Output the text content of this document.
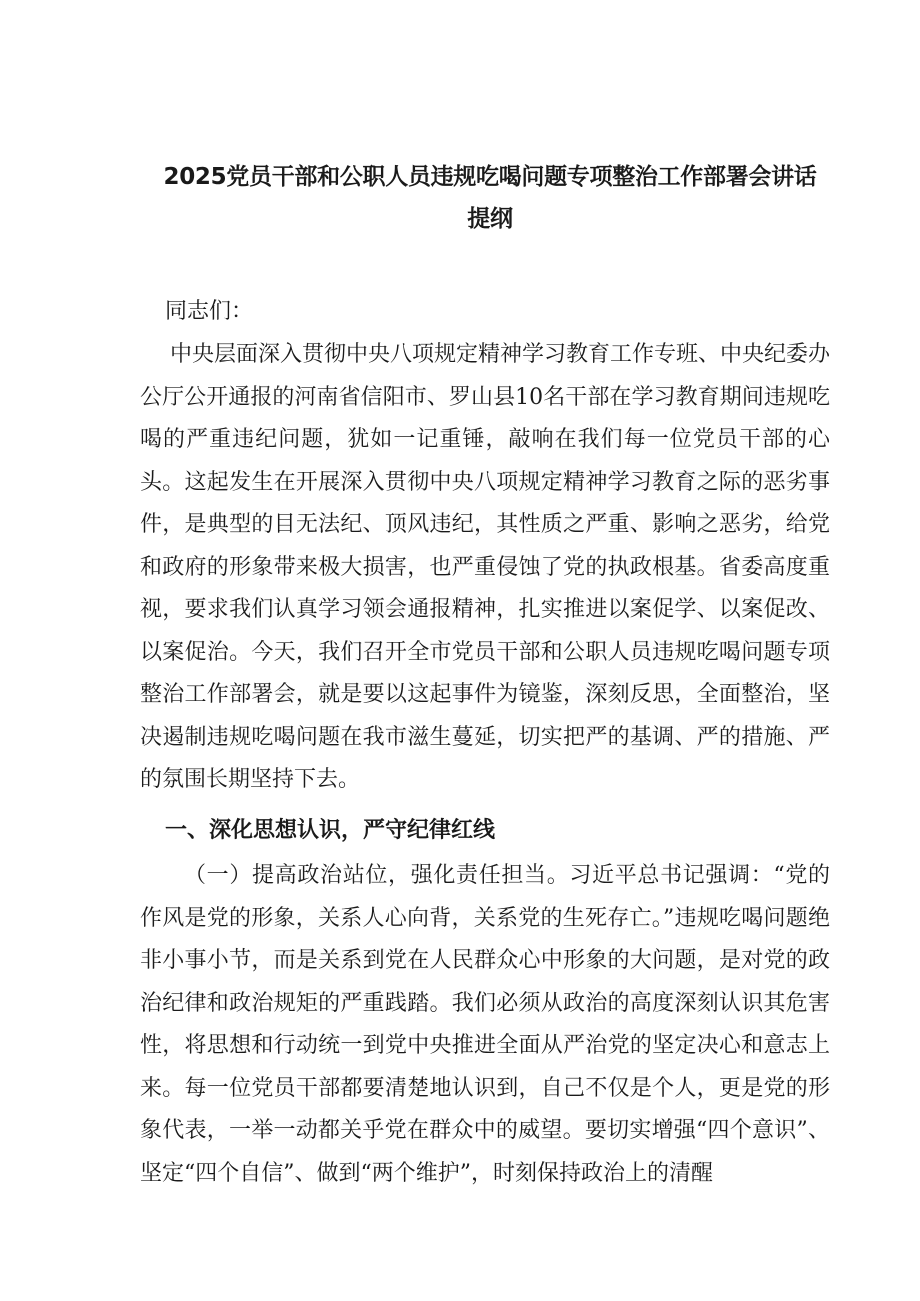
2025党员干部和公职人员违规吃喝问题专项整治工作部署会讲话
提纲

同志们：

中央层面深入贯彻中央八项规定精神学习教育工作专班、中央纪委办公厅公开通报的河南省信阳市、罗山县10名干部在学习教育期间违规吃喝的严重违纪问题，犹如一记重锤，敲响在我们每一位党员干部的心头。这起发生在开展深入贯彻中央八项规定精神学习教育之际的恶劣事件，是典型的目无法纪、顶风违纪，其性质之严重、影响之恶劣，给党和政府的形象带来极大损害，也严重侵蚀了党的执政根基。省委高度重视，要求我们认真学习领会通报精神，扎实推进以案促学、以案促改、以案促治。今天，我们召开全市党员干部和公职人员违规吃喝问题专项整治工作部署会，就是要以这起事件为镜鉴，深刻反思，全面整治，坚决遏制违规吃喝问题在我市滋生蔓延，切实把严的基调、严的措施、严的氛围长期坚持下去。

一、深化思想认识，严守纪律红线

（一）提高政治站位，强化责任担当。习近平总书记强调：“党的作风是党的形象，关系人心向背，关系党的生死存亡。”违规吃喝问题绝非小事小节，而是关系到党在人民群众心中形象的大问题，是对党的政治纪律和政治规矩的严重践踏。我们必须从政治的高度深刻认识其危害性，将思想和行动统一到党中央推进全面从严治党的坚定决心和意志上来。每一位党员干部都要清楚地认识到，自己不仅是个人，更是党的形象代表，一举一动都关乎党在群众中的威望。要切实增强“四个意识”、坚定“四个自信”、做到“两个维护”，时刻保持政治上的清醒
